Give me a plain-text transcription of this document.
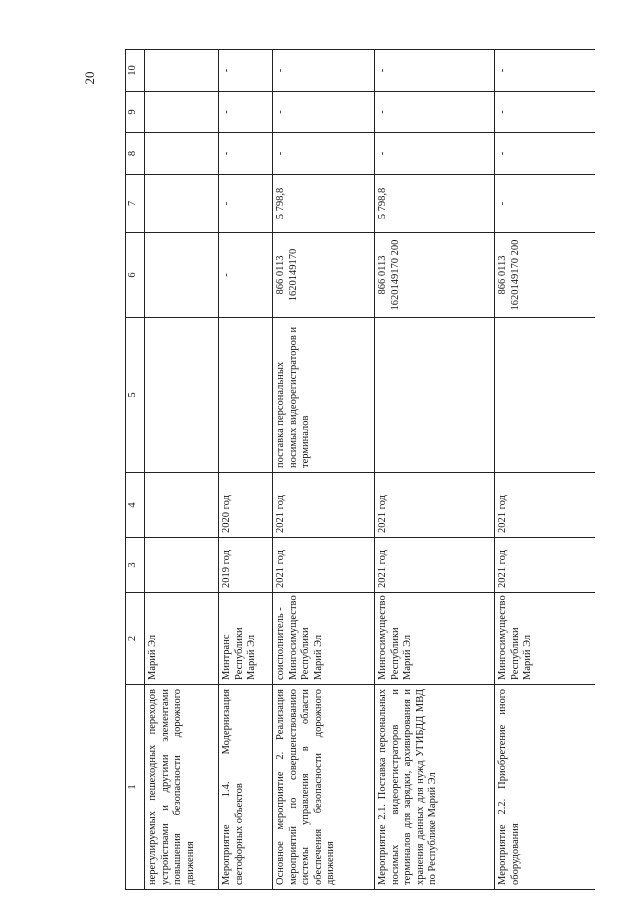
20
1	2	3	4	5	6	7	8	9	10
нерегулируемых пешеходных переходов устройствами и другими элементами повышения безопасности дорожного движения	Марий Эл								
Мероприятие 1.4. Модернизация светофорных объектов	Минтранс Республики Марий Эл	2019 год	2020 год		-	-	-	-	-
Основное мероприятие 2. Реализация мероприятий по совершенствованию системы управления в области обеспечения безопасности дорожного движения	соисполнитель - Мингосимущество Республики Марий Эл	2021 год	2021 год	поставка персональных носимых видеорегистраторов и терминалов	866 0113 1620149170	5 798,8	-	-	-
Мероприятие 2.1. Поставка персональных носимых видеорегистраторов и терминалов для зарядки, архивирования и хранения данных для нужд УГИБДД МВД по Республике Марий Эл	Мингосимущество Республики Марий Эл	2021 год	2021 год		866 0113 1620149170 200	5 798,8	-	-	-
Мероприятие 2.2. Приобретение иного оборудования	Мингосимущество Республики Марий Эл	2021 год	2021 год		866 0113 1620149170 200	-	-	-	-
